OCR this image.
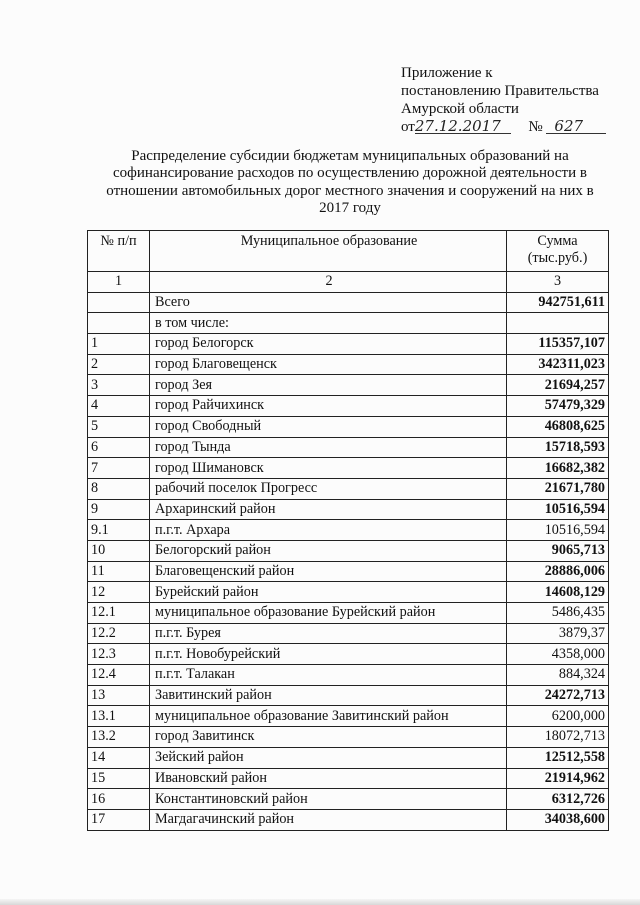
Приложение к
постановлению Правительства
Амурской области
от27.12.2017 № 627
Распределение субсидии бюджетам муниципальных образований на софинансирование расходов по осуществлению дорожной деятельности в отношении автомобильных дорог местного значения и сооружений на них в 2017 году
№ п/п	Муниципальное образование	Сумма (тыс.руб.)
1	2	3
	Всего	942751,611
	в том числе:	
1	город Белогорск	115357,107
2	город Благовещенск	342311,023
3	город Зея	21694,257
4	город Райчихинск	57479,329
5	город Свободный	46808,625
6	город Тында	15718,593
7	город Шимановск	16682,382
8	рабочий поселок Прогресс	21671,780
9	Архаринский район	10516,594
9.1	п.г.т. Архара	10516,594
10	Белогорский район	9065,713
11	Благовещенский район	28886,006
12	Бурейский район	14608,129
12.1	муниципальное образование Бурейский район	5486,435
12.2	п.г.т. Бурея	3879,37
12.3	п.г.т. Новобурейский	4358,000
12.4	п.г.т. Талакан	884,324
13	Завитинский район	24272,713
13.1	муниципальное образование Завитинский район	6200,000
13.2	город Завитинск	18072,713
14	Зейский район	12512,558
15	Ивановский район	21914,962
16	Константиновский район	6312,726
17	Магдагачинский район	34038,600
